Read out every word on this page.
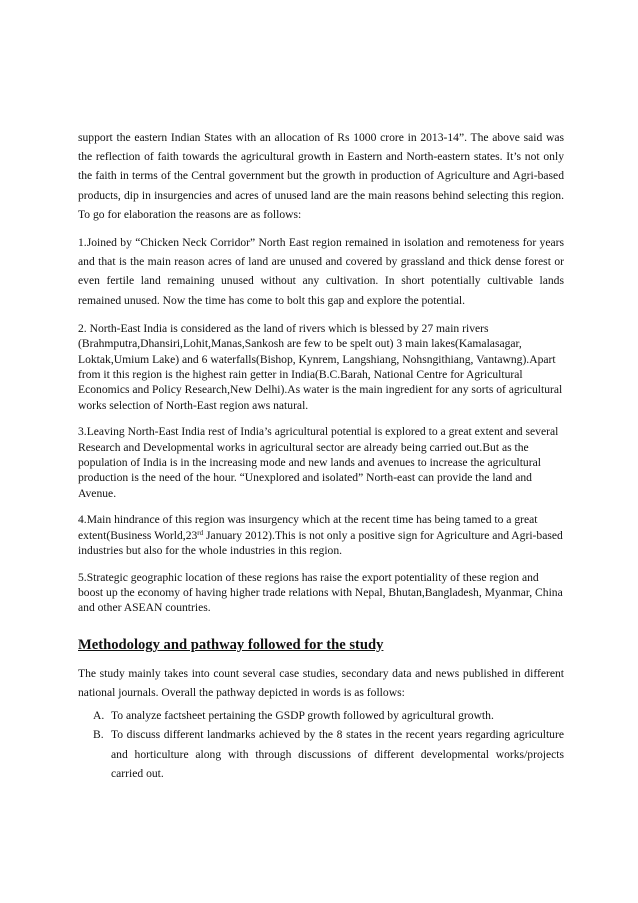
support the eastern Indian States with an allocation of Rs 1000 crore in 2013-14”. The above said was the reflection of faith towards the agricultural growth in Eastern and North-eastern states. It’s not only the faith in terms of the Central government but the growth in production of Agriculture and Agri-based products, dip in insurgencies and acres of unused land are the main reasons behind selecting this region. To go for elaboration the reasons are as follows:

1.Joined by “Chicken Neck Corridor” North East region remained in isolation and remoteness for years and that is the main reason acres of land are unused and covered by grassland and thick dense forest or even fertile land remaining unused without any cultivation. In short potentially cultivable lands remained unused. Now the time has come to bolt this gap and explore the potential.

2. North-East India is considered as the land of rivers which is blessed by 27 main rivers (Brahmputra,Dhansiri,Lohit,Manas,Sankosh are few to be spelt out) 3 main lakes(Kamalasagar, Loktak,Umium Lake) and 6 waterfalls(Bishop, Kynrem, Langshiang, Nohsngithiang, Vantawng).Apart from it this region is the highest rain getter in India(B.C.Barah, National Centre for Agricultural Economics and Policy Research,New Delhi).As water is the main ingredient for any sorts of agricultural works selection of North-East region aws natural.

3.Leaving North-East India rest of India’s agricultural potential is explored to a great extent and several Research and Developmental works in agricultural sector are already being carried out.But as the population of India is in the increasing mode and new lands and avenues to increase the agricultural production is the need of the hour. “Unexplored and isolated” North-east can provide the land and Avenue.

4.Main hindrance of this region was insurgency which at the recent time has being tamed to a great extent(Business World,23rd January 2012).This is not only a positive sign for Agriculture and Agri-based industries but also for the whole industries in this region.

5.Strategic geographic location of these regions has raise the export potentiality of these region and boost up the economy of having higher trade relations with Nepal, Bhutan,Bangladesh, Myanmar, China and other ASEAN countries.

Methodology and pathway followed for the study

The study mainly takes into count several case studies, secondary data and news published in different national journals. Overall the pathway depicted in words is as follows:

A. To analyze factsheet pertaining the GSDP growth followed by agricultural growth.
B. To discuss different landmarks achieved by the 8 states in the recent years regarding agriculture and horticulture along with through discussions of different developmental works/projects carried out.
